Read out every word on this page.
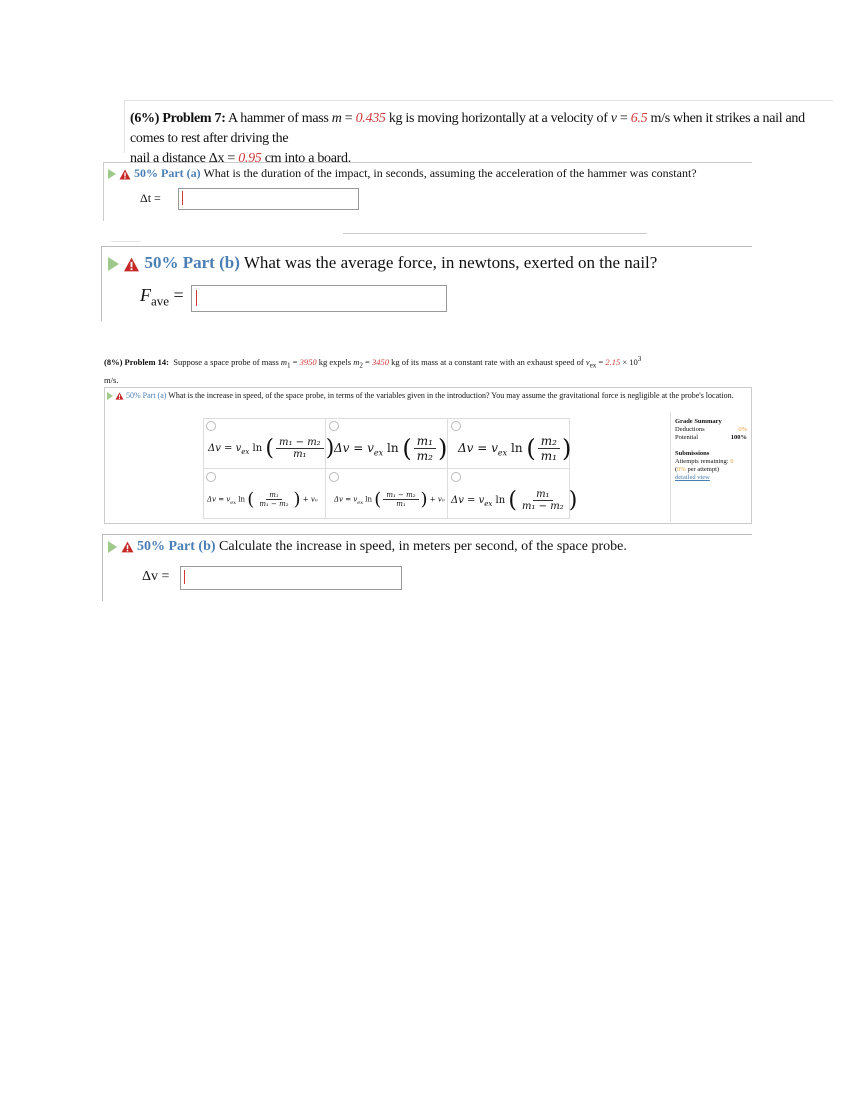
(6%) Problem 7: A hammer of mass m = 0.435 kg is moving horizontally at a velocity of v = 6.5 m/s when it strikes a nail and comes to rest after driving the
nail a distance Δx = 0.95 cm into a board.
50% Part (a) What is the duration of the impact, in seconds, assuming the acceleration of the hammer was constant?
Δt =
50% Part (b) What was the average force, in newtons, exerted on the nail?
$F_{ave}$ =
(8%) Problem 14: Suppose a space probe of mass $m_1 = 3950$ kg expels $m_2 = 3450$ kg of its mass at a constant rate with an exhaust speed of $v_{ex} = 2.15 \times 10^3$
m/s.
50% Part (a) What is the increase in speed, of the space probe, in terms of the variables given in the introduction? You may assume the gravitational force is negligible at the probe's location.
$\Delta v = v_{ex}$ ln ( $\frac{\text{m₁ − m₂}}{\text{m₁}}$ ) $\Delta v = v_{ex}$ ln ( $\frac{\text{m₁}}{\text{m₂}}$ ) $\Delta v = v_{ex}$ ln ( $\frac{\text{m₂}}{\text{m₁}}$ )
$\Delta v = v_{ex}$ ln ( $\frac{\text{m₁}}{\text{m₁ − m₂}}$ ) + v₀ $\Delta v = v_{ex}$ ln ( $\frac{\text{m₁ − m₂}}{\text{m₁}}$ ) + v₀ $\Delta v = v_{ex}$ ln ( $\frac{\text{m₁}}{\text{m₁ − m₂}}$ )
Grade Summary
Deductions	0%

Potential	100%

Submissions
Attempts remaining: 6
(0% per attempt)
detailed view
50% Part (b) Calculate the increase in speed, in meters per second, of the space probe.
Δv =
